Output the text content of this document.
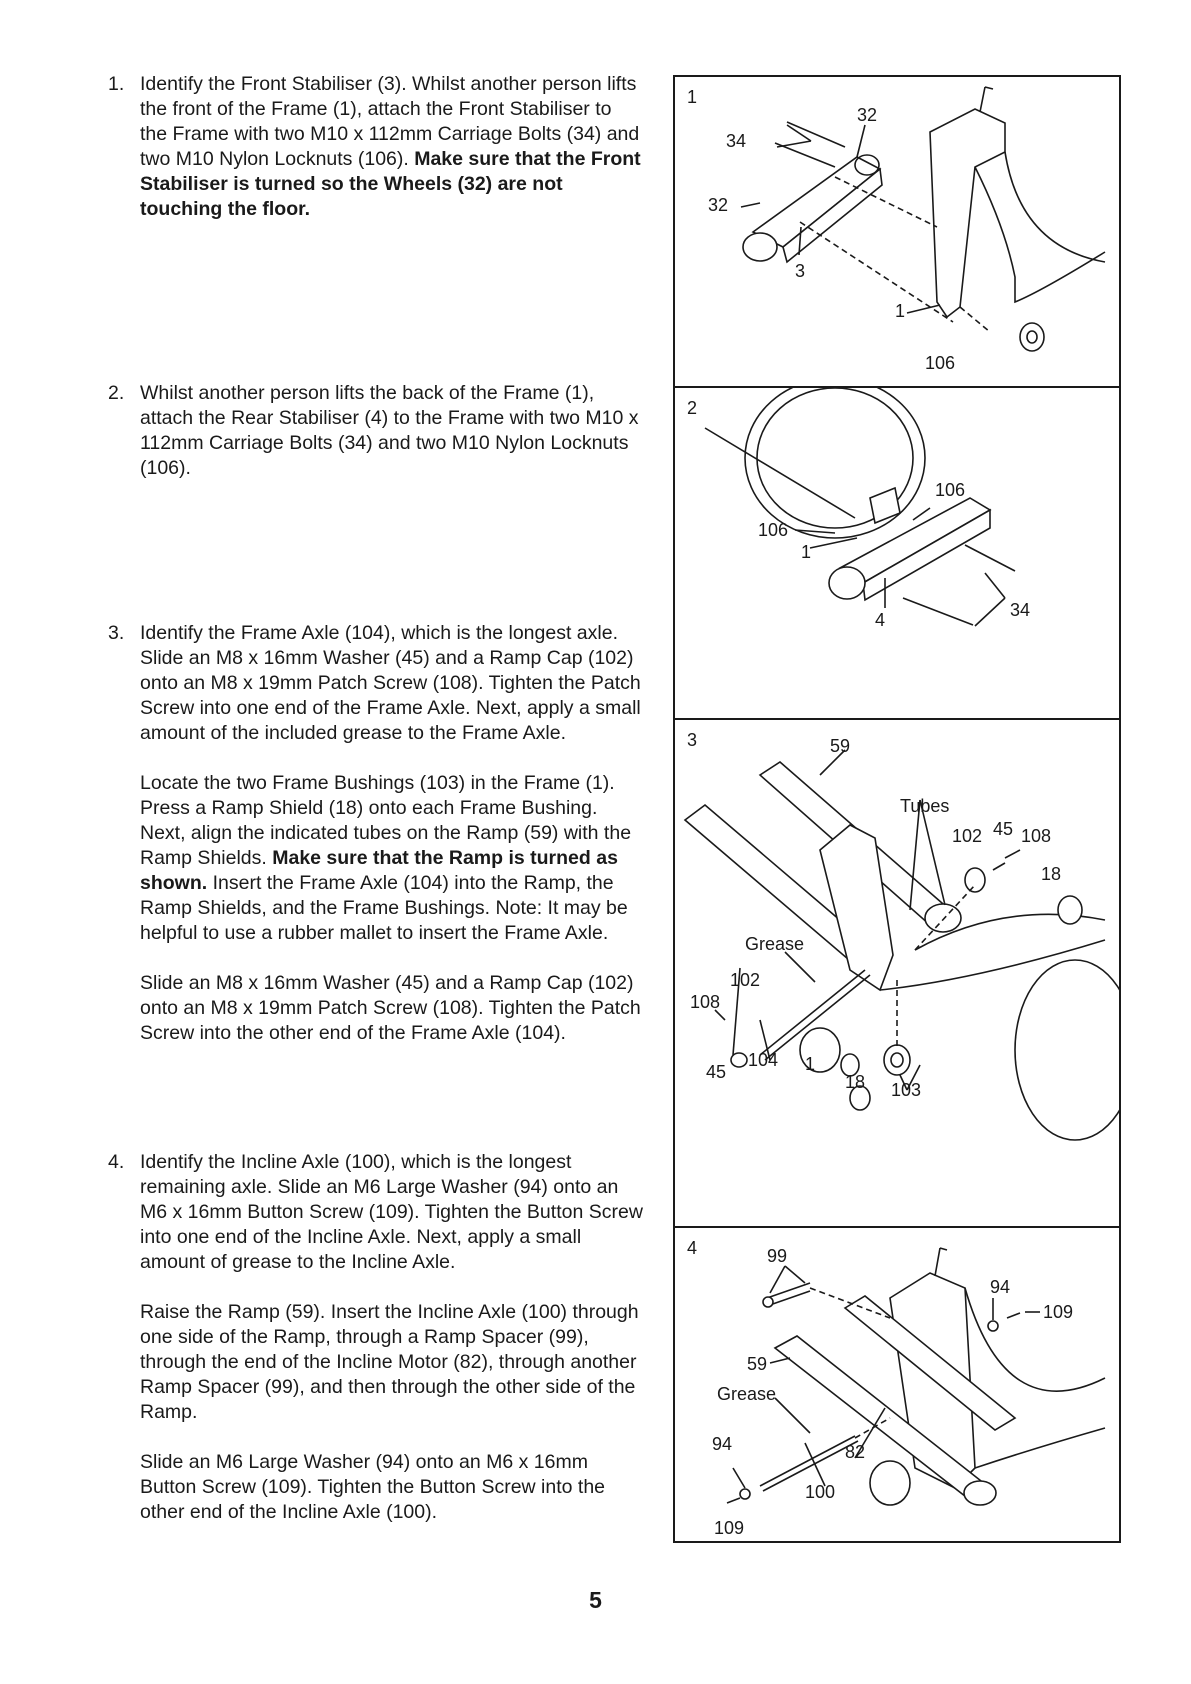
1. Identify the Front Stabiliser (3). Whilst another person lifts the front of the Frame (1), attach the Front Stabiliser to the Frame with two M10 x 112mm Carriage Bolts (34) and two M10 Nylon Locknuts (106). Make sure that the Front Stabiliser is turned so the Wheels (32) are not touching the floor.

2. Whilst another person lifts the back of the Frame (1), attach the Rear Stabiliser (4) to the Frame with two M10 x 112mm Carriage Bolts (34) and two M10 Nylon Locknuts (106).

3. Identify the Frame Axle (104), which is the longest axle. Slide an M8 x 16mm Washer (45) and a Ramp Cap (102) onto an M8 x 19mm Patch Screw (108). Tighten the Patch Screw into one end of the Frame Axle. Next, apply a small amount of the included grease to the Frame Axle.

Locate the two Frame Bushings (103) in the Frame (1). Press a Ramp Shield (18) onto each Frame Bushing. Next, align the indicated tubes on the Ramp (59) with the Ramp Shields. Make sure that the Ramp is turned as shown. Insert the Frame Axle (104) into the Ramp, the Ramp Shields, and the Frame Bushings. Note: It may be helpful to use a rubber mallet to insert the Frame Axle.

Slide an M8 x 16mm Washer (45) and a Ramp Cap (102) onto an M8 x 19mm Patch Screw (108). Tighten the Patch Screw into the other end of the Frame Axle (104).

4. Identify the Incline Axle (100), which is the longest remaining axle. Slide an M6 Large Washer (94) onto an M6 x 16mm Button Screw (109). Tighten the Button Screw into one end of the Incline Axle. Next, apply a small amount of grease to the Incline Axle.

Raise the Ramp (59). Insert the Incline Axle (100) through one side of the Ramp, through a Ramp Spacer (99), through the end of the Incline Motor (82), through another Ramp Spacer (99), and then through the other side of the Ramp.

Slide an M6 Large Washer (94) onto an M6 x 16mm Button Screw (109). Tighten the Button Screw into the other end of the Incline Axle (100).

1
32
34
32
3
1
106
2
106
106
1
4	34
3	59
Tubes
102 45 108
18
Grease
102
108
45
104 1
18 103
4	99
94
109
59
Grease
94	82
100
109
5
